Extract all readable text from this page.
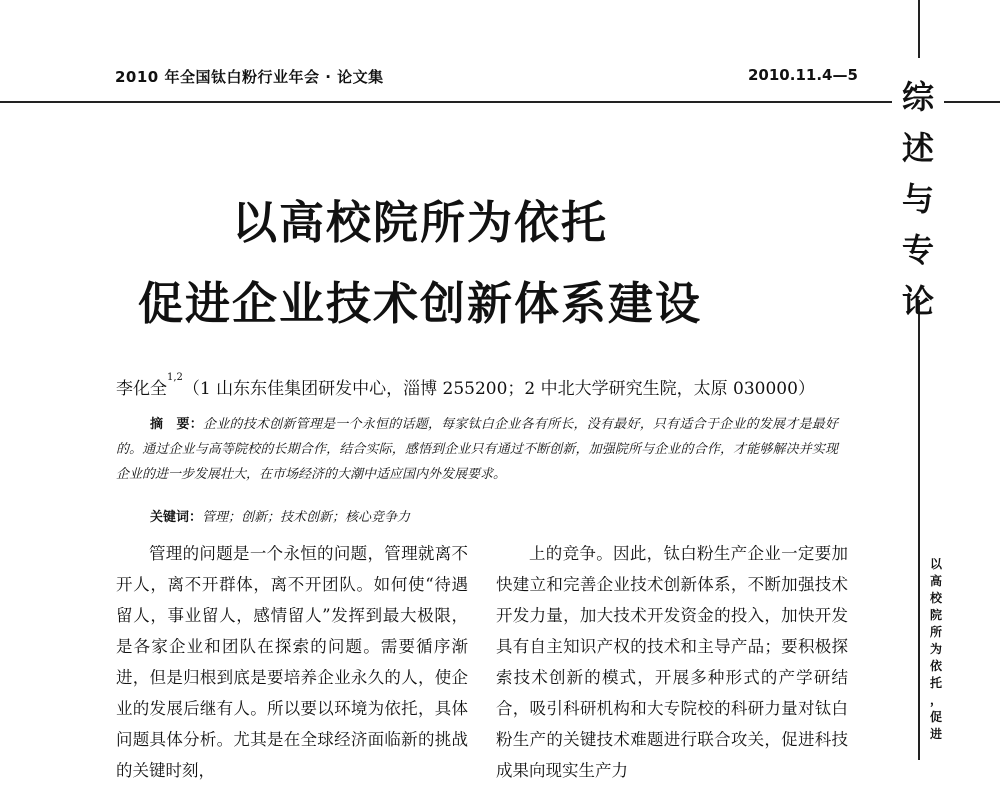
2010 年全国钛白粉行业年会 · 论文集	2010.11.4—5
综
述
与
专
论
以高校院所为依托
促进企业技术创新体系建设
李化全$^{1,2}$（1 山东东佳集团研发中心，淄博 255200；2 中北大学研究生院，太原 030000）
摘　要：企业的技术创新管理是一个永恒的话题，每家钛白企业各有所长，没有最好，只有适合于企业的发展才是最好的。通过企业与高等院校的长期合作，结合实际，感悟到企业只有通过不断创新，加强院所与企业的合作，才能够解决并实现企业的进一步发展壮大，在市场经济的大潮中适应国内外发展要求。
关键词：管理；创新；技术创新；核心竞争力
管理的问题是一个永恒的问题，管理就离不开人，离不开群体，离不开团队。如何使“待遇留人，事业留人，感情留人”发挥到最大极限，是各家企业和团队在探索的问题。需要循序渐进，但是归根到底是要培养企业永久的人，使企业的发展后继有人。所以要以环境为依托，具体问题具体分析。尤其是在全球经济面临新的挑战的关键时刻，
上的竞争。因此，钛白粉生产企业一定要加快建立和完善企业技术创新体系，不断加强技术开发力量，加大技术开发资金的投入，加快开发具有自主知识产权的技术和主导产品；要积极探索技术创新的模式，开展多种形式的产学研结合，吸引科研机构和大专院校的科研力量对钛白粉生产的关键技术难题进行联合攻关，促进科技成果向现实生产力
以
高
校
院
所
为
依
托
，
促
进
